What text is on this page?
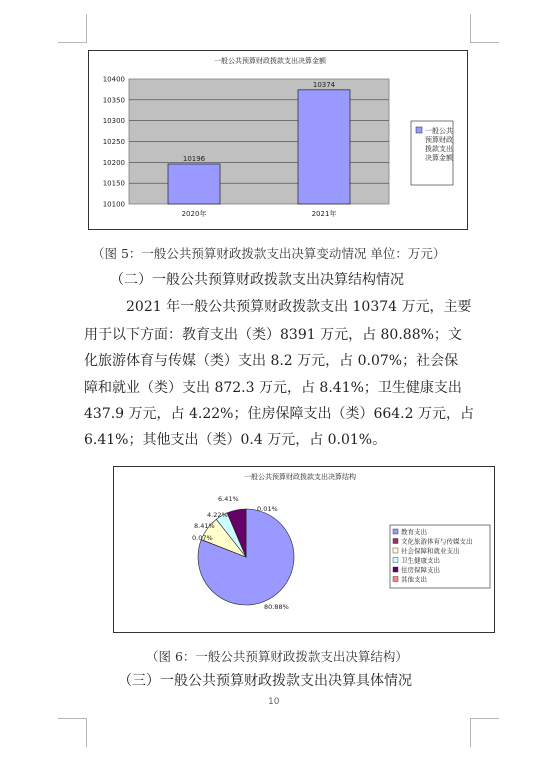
一般公共预算财政拨款支出决算金额
10100
10150
10200
10250
10300
10350
10400
10196
2020年
10374
2021年
一般公共
预算财政
拨款支出
决算金额
（图 5：一般公共预算财政拨款支出决算变动情况 单位：万元）
（二）一般公共预算财政拨款支出决算结构情况
2021 年一般公共预算财政拨款支出 10374 万元，主要
用于以下方面：教育支出（类）8391 万元，占 80.88%；文
化旅游体育与传媒（类）支出 8.2 万元，占 0.07%；社会保
障和就业（类）支出 872.3 万元，占 8.41%；卫生健康支出
437.9 万元，占 4.22%；住房保障支出（类）664.2 万元，占
6.41%；其他支出（类）0.4 万元，占 0.01%。
一般公共预算财政拨款支出决算结构
80.88%
0.07%
8.41%
4.22%
6.41%
0.01%
教育支出
文化旅游体育与传媒支出
社会保障和就业支出
卫生健康支出
住房保障支出
其他支出
（图 6：一般公共预算财政拨款支出决算结构）
（三）一般公共预算财政拨款支出决算具体情况
10
